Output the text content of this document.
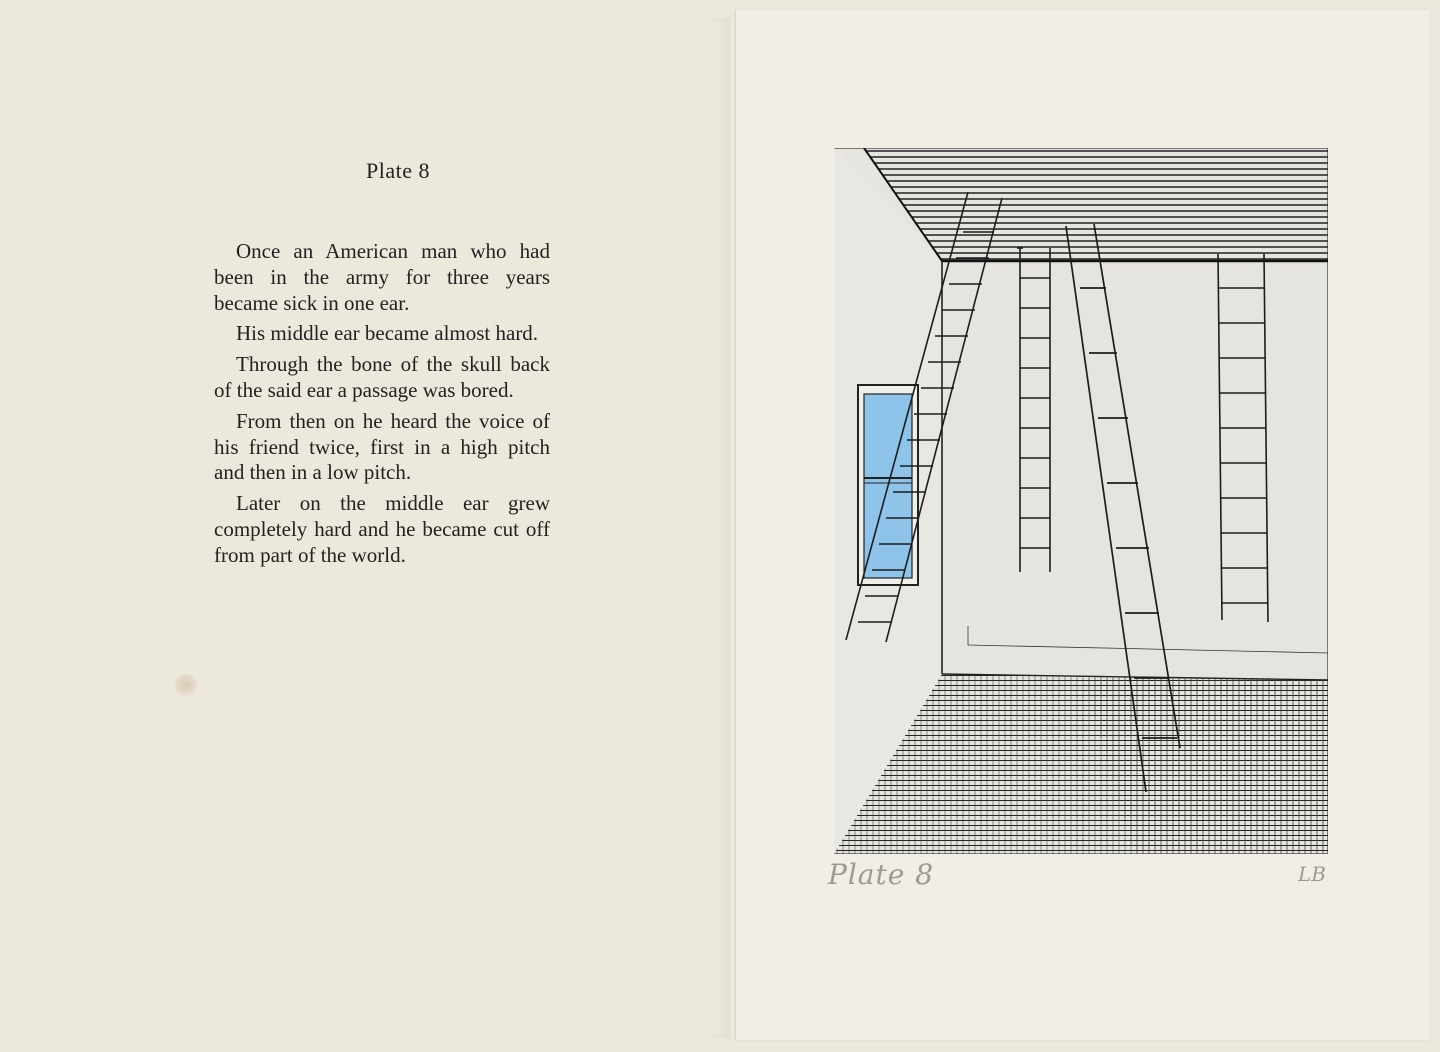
Plate 8

Once an American man who had been in the army for three years became sick in one ear.

His middle ear became almost hard.

Through the bone of the skull back of the said ear a passage was bored.

From then on he heard the voice of his friend twice, first in a high pitch and then in a low pitch.

Later on the middle ear grew completely hard and he became cut off from part of the world.

Plate 8	LB
